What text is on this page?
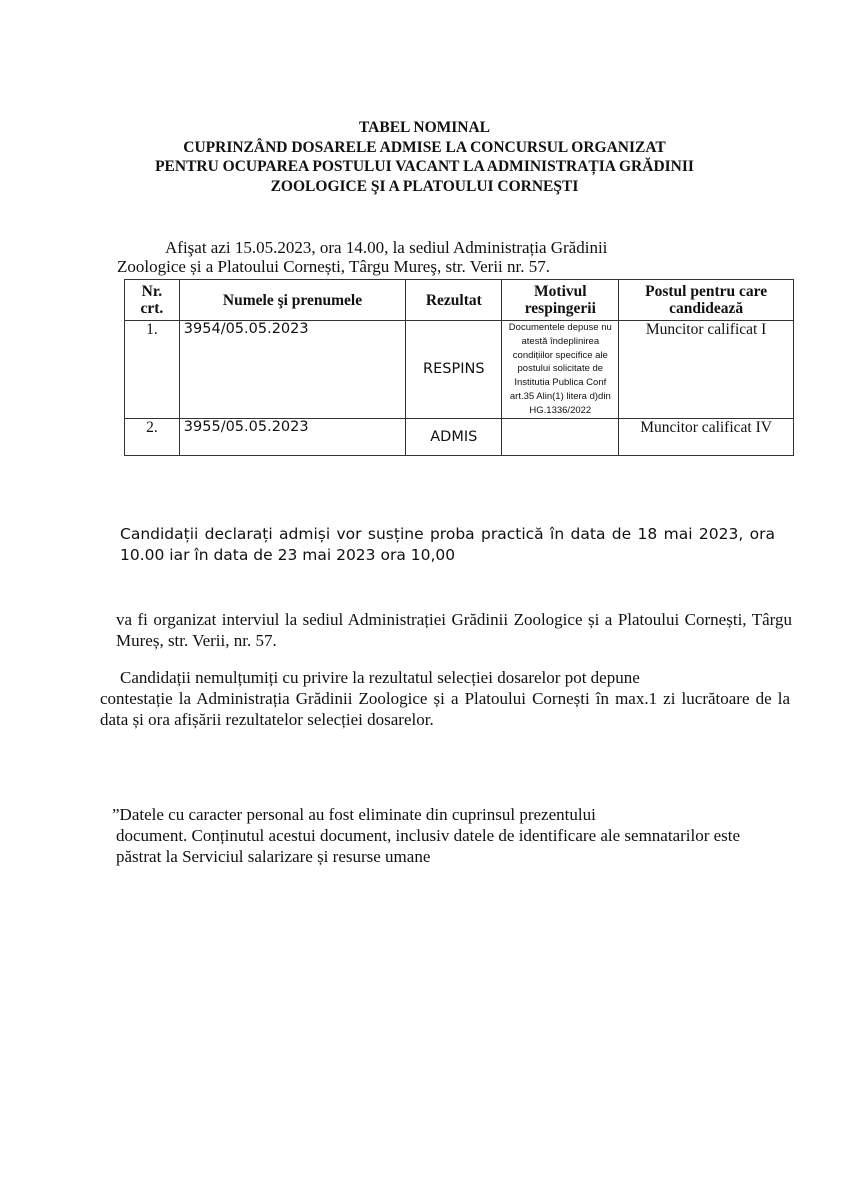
TABEL NOMINAL
CUPRINZÂND DOSARELE ADMISE LA CONCURSUL ORGANIZAT
PENTRU OCUPAREA POSTULUI VACANT LA ADMINISTRAȚIA GRĂDINII
ZOOLOGICE ŞI A PLATOULUI CORNEŞTI
Afişat azi 15.05.2023, ora 14.00, la sediul Administrația Grădinii
Zoologice și a Platoului Cornești, Târgu Mureş, str. Verii nr. 57.
Nr. crt.	Numele şi prenumele	Rezultat	Motivul respingerii	Postul pentru care candidează
1.	3954/05.05.2023	RESPINS	Documentele depuse nu atestă îndeplinirea condițiilor specifice ale postului solicitate de Institutia Publica Conf art.35 Alin(1) litera d)din HG.1336/2022	Muncitor calificat I
2.	3955/05.05.2023	ADMIS		Muncitor calificat IV
Candidații declarați admiși vor susține proba practică în data de 18 mai 2023, ora 10.00 iar în data de 23 mai 2023 ora 10,00
va fi organizat interviul la sediul Administrației Grădinii Zoologice și a Platoului Cornești, Târgu Mureș, str. Verii, nr. 57.
Candidații nemulțumiți cu privire la rezultatul selecției dosarelor pot depune
contestație la Administrația Grădinii Zoologice și a Platoului Cornești în max.1 zi lucrătoare de la data și ora afișării rezultatelor selecției dosarelor.
”Datele cu caracter personal au fost eliminate din cuprinsul prezentului
document. Conținutul acestui document, inclusiv datele de identificare ale semnatarilor este păstrat la Serviciul salarizare și resurse umane
